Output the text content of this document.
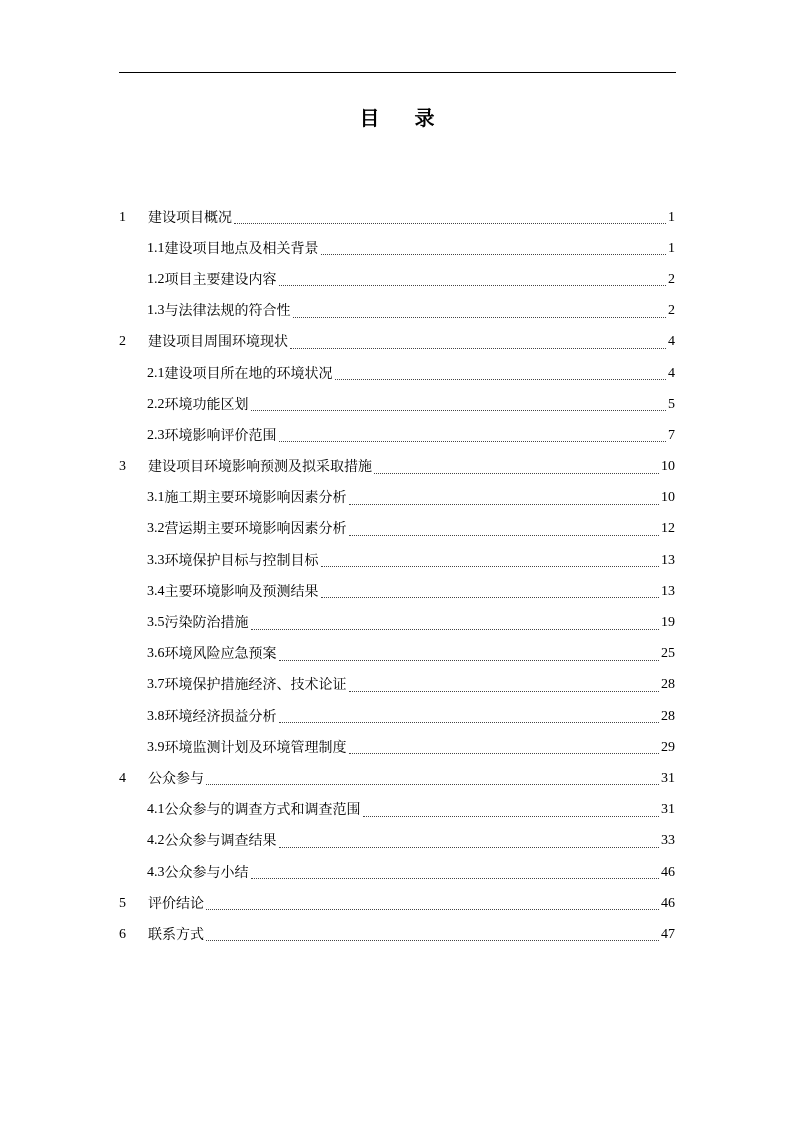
目 录
1	建设项目概况	1
1.1 建设项目地点及相关背景	1
1.2 项目主要建设内容	2
1.3 与法律法规的符合性	2
2	建设项目周围环境现状	4
2.1 建设项目所在地的环境状况	4
2.2 环境功能区划	5
2.3 环境影响评价范围	7
3	建设项目环境影响预测及拟采取措施	10
3.1 施工期主要环境影响因素分析	10
3.2 营运期主要环境影响因素分析	12
3.3 环境保护目标与控制目标	13
3.4 主要环境影响及预测结果	13
3.5 污染防治措施	19
3.6 环境风险应急预案	25
3.7 环境保护措施经济、技术论证	28
3.8 环境经济损益分析	28
3.9 环境监测计划及环境管理制度	29
4	公众参与	31
4.1 公众参与的调查方式和调查范围	31
4.2 公众参与调查结果	33
4.3 公众参与小结	46
5	评价结论	46
6	联系方式	47
